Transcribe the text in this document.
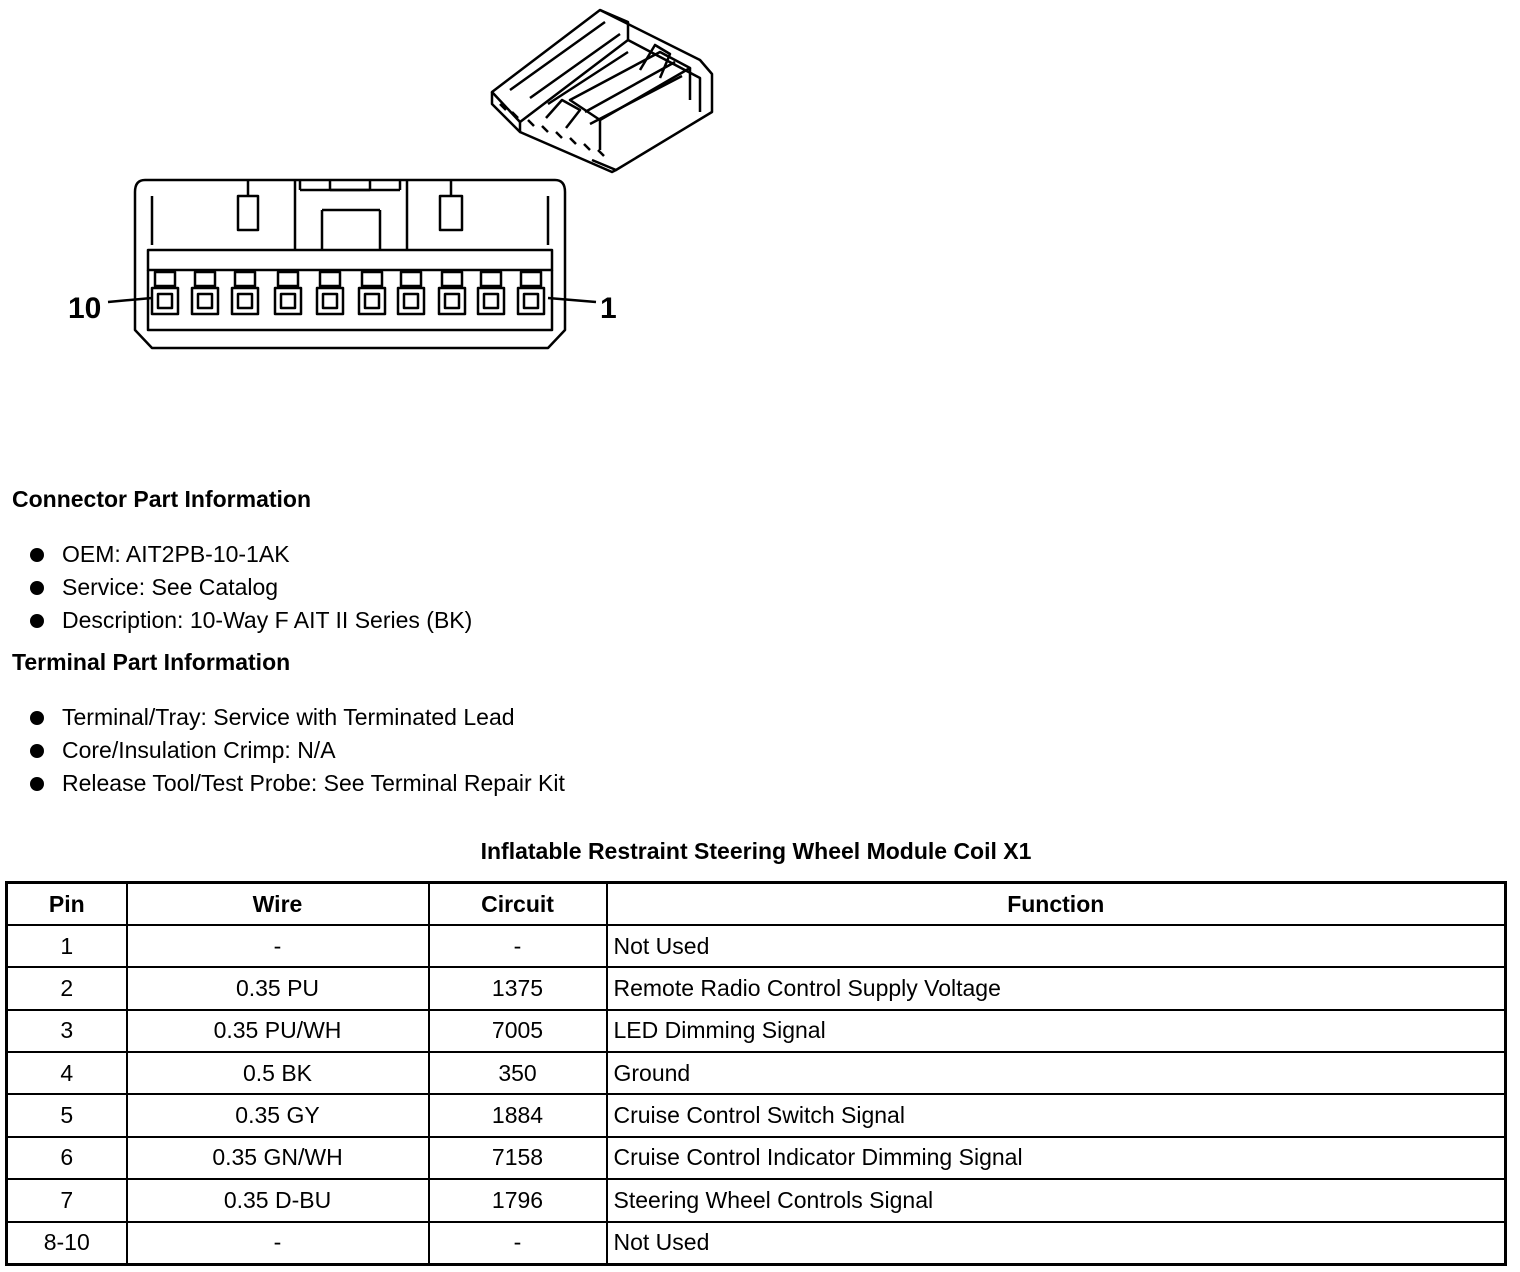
10	1
Connector Part Information
OEM: AIT2PB-10-1AK
Service: See Catalog
Description: 10-Way F AIT II Series (BK)
Terminal Part Information
Terminal/Tray: Service with Terminated Lead
Core/Insulation Crimp: N/A
Release Tool/Test Probe: See Terminal Repair Kit
Inflatable Restraint Steering Wheel Module Coil X1
Pin	Wire	Circuit	Function
1	-	-	Not Used
2	0.35 PU	1375	Remote Radio Control Supply Voltage
3	0.35 PU/WH	7005	LED Dimming Signal
4	0.5 BK	350	Ground
5	0.35 GY	1884	Cruise Control Switch Signal
6	0.35 GN/WH	7158	Cruise Control Indicator Dimming Signal
7	0.35 D-BU	1796	Steering Wheel Controls Signal
8-10	-	-	Not Used
